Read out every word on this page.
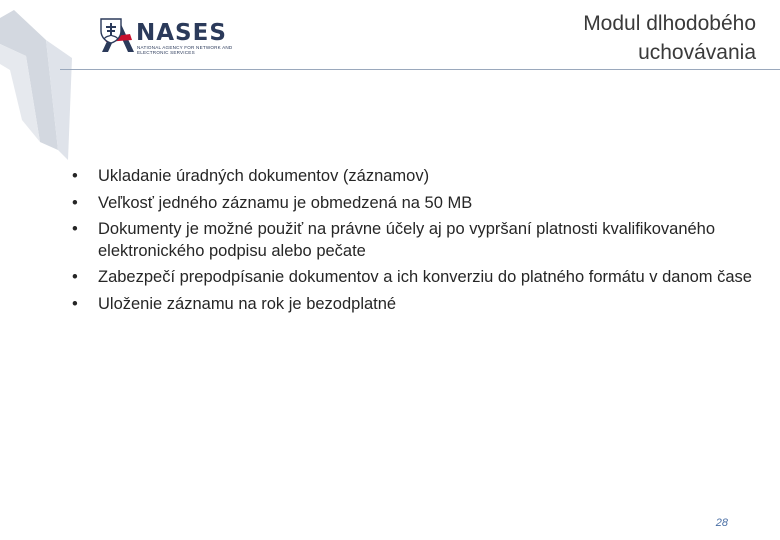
NASES
NATIONAL AGENCY FOR NETWORK AND
ELECTRONIC SERVICES
Modul dlhodobého
uchovávania
• Ukladanie úradných dokumentov (záznamov)
• Veľkosť jedného záznamu je obmedzená na 50 MB
• Dokumenty je možné použiť na právne účely aj po vypršaní platnosti kvalifikovaného elektronického podpisu alebo pečate
• Zabezpečí prepodpísanie dokumentov a ich konverziu do platného formátu v danom čase
• Uloženie záznamu na rok je bezodplatné
28
